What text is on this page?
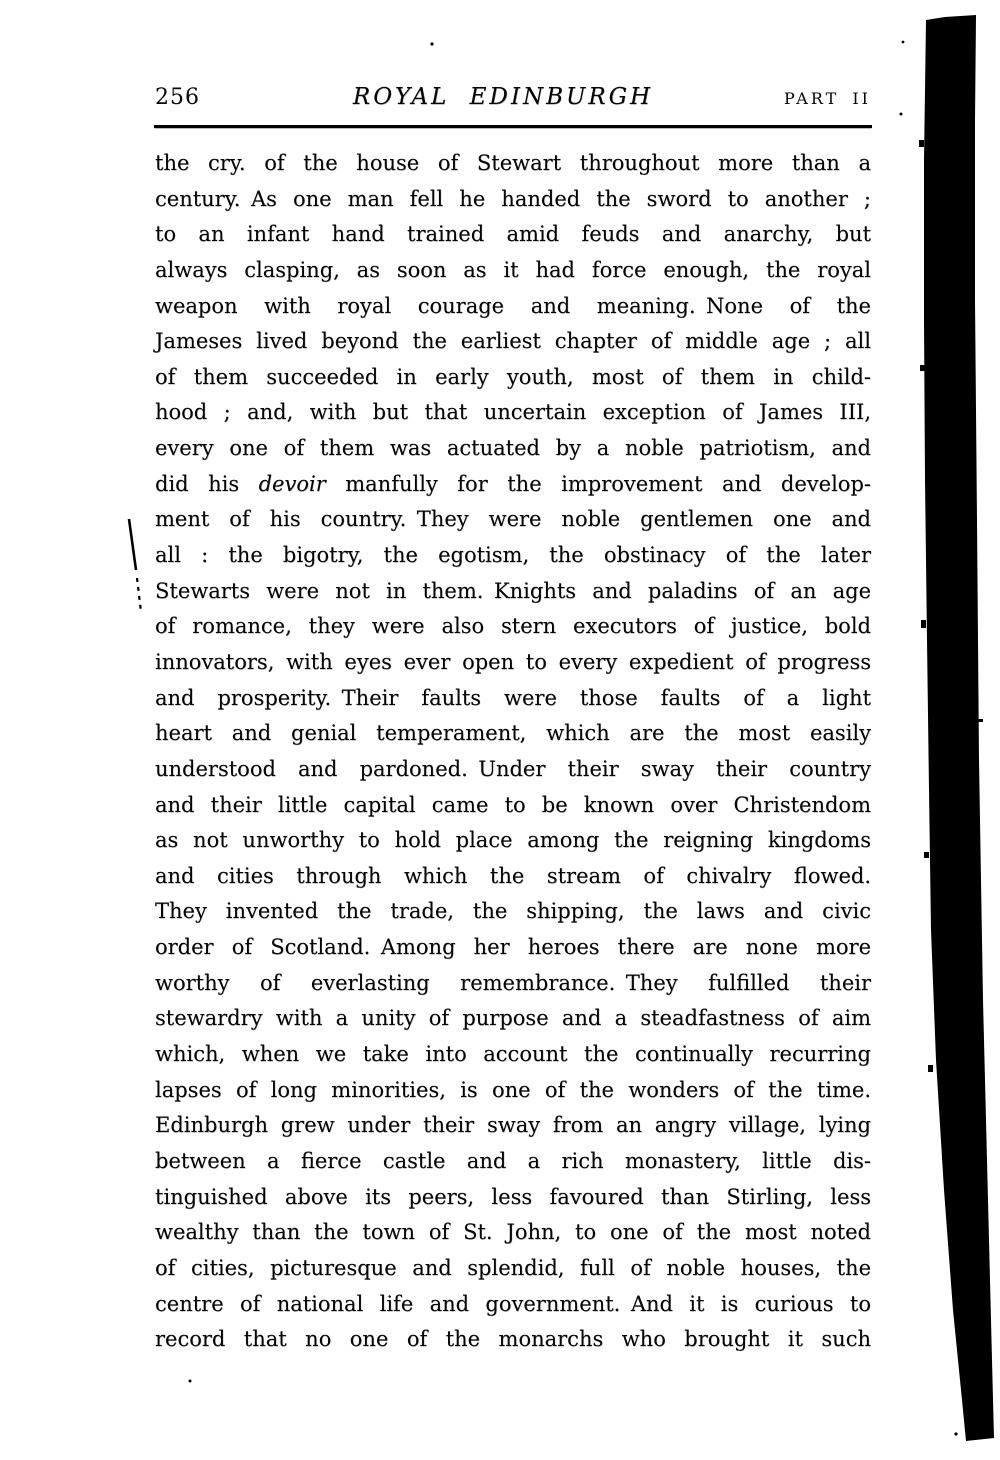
256	ROYAL EDINBURGH	PART II
the cry. of the house of Stewart throughout more than a
century. As one man fell he handed the sword to another ;
to an infant hand trained amid feuds and anarchy, but
always clasping, as soon as it had force enough, the royal
weapon with royal courage and meaning. None of the
Jameses lived beyond the earliest chapter of middle age ; all
of them succeeded in early youth, most of them in child-
hood ; and, with but that uncertain exception of James III,
every one of them was actuated by a noble patriotism, and
did his devoir manfully for the improvement and develop-
ment of his country. They were noble gentlemen one and
all : the bigotry, the egotism, the obstinacy of the later
Stewarts were not in them. Knights and paladins of an age
of romance, they were also stern executors of justice, bold
innovators, with eyes ever open to every expedient of progress
and prosperity. Their faults were those faults of a light
heart and genial temperament, which are the most easily
understood and pardoned. Under their sway their country
and their little capital came to be known over Christendom
as not unworthy to hold place among the reigning kingdoms
and cities through which the stream of chivalry flowed.
They invented the trade, the shipping, the laws and civic
order of Scotland. Among her heroes there are none more
worthy of everlasting remembrance. They fulfilled their
stewardry with a unity of purpose and a steadfastness of aim
which, when we take into account the continually recurring
lapses of long minorities, is one of the wonders of the time.
Edinburgh grew under their sway from an angry village, lying
between a fierce castle and a rich monastery, little dis-
tinguished above its peers, less favoured than Stirling, less
wealthy than the town of St. John, to one of the most noted
of cities, picturesque and splendid, full of noble houses, the
centre of national life and government. And it is curious to
record that no one of the monarchs who brought it such
